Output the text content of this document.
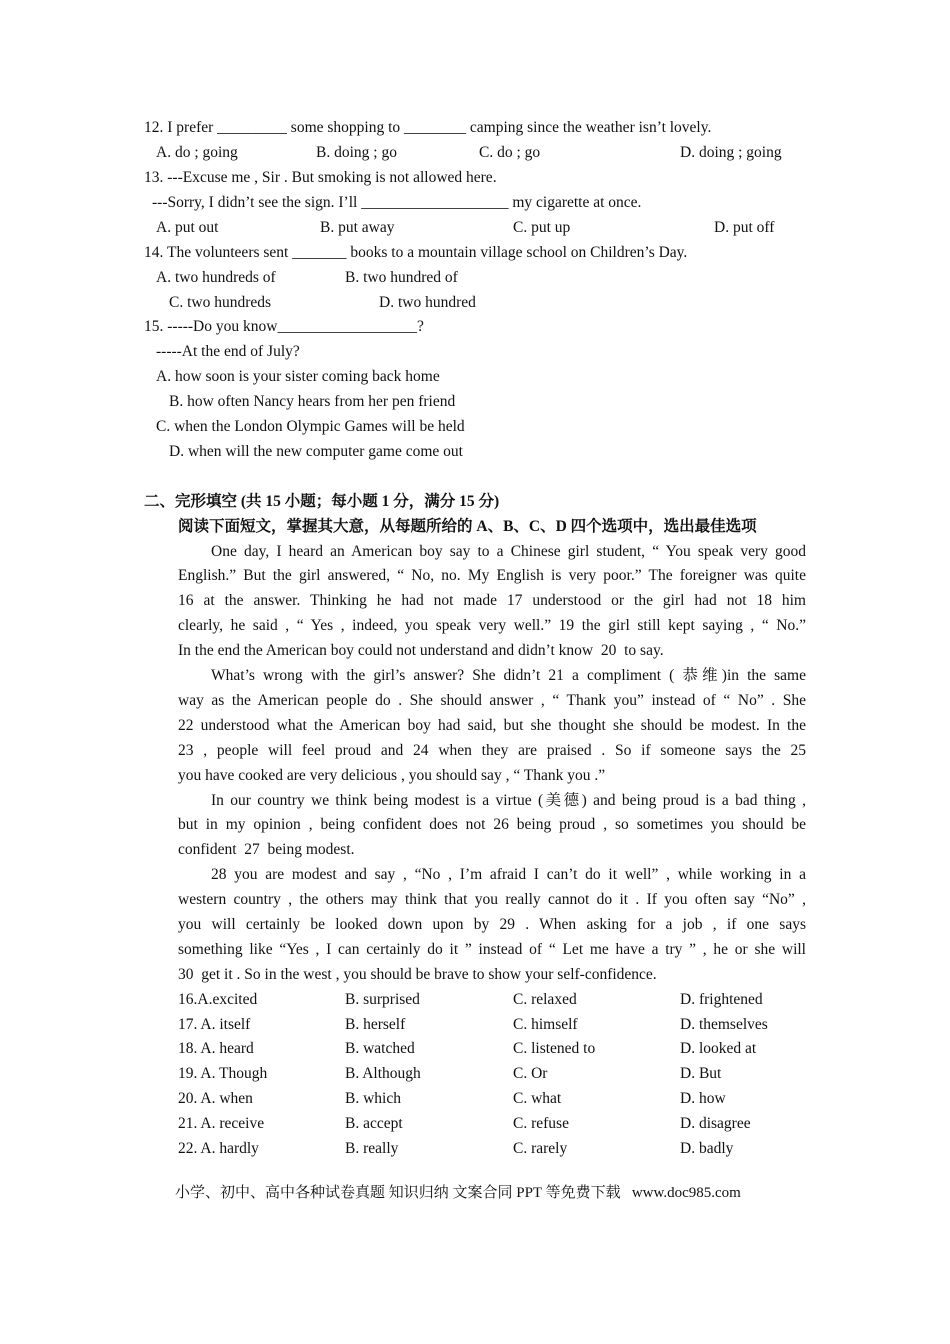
12. I prefer _________ some shopping to ________ camping since the weather isn’t lovely.
A. do ; going	B. doing ; go	C. do ; go	D. doing ; going
13. ---Excuse me , Sir . But smoking is not allowed here.
---Sorry, I didn’t see the sign. I’ll ___________________ my cigarette at once.
A. put out	B. put away	C. put up	D. put off
14. The volunteers sent _______ books to a mountain village school on Children’s Day.
A. two hundreds of	B. two hundred of
C. two hundreds	D. two hundred
15. -----Do you know__________________?
-----At the end of July?
A. how soon is your sister coming back home
B. how often Nancy hears from her pen friend
C. when the London Olympic Games will be held
D. when will the new computer game come out
二、完形填空 (共 15 小题；每小题 1 分，满分 15 分)
阅读下面短文，掌握其大意，从每题所给的 A、B、C、D 四个选项中，选出最佳选项
One day, I heard an American boy say to a Chinese girl student, “ You speak very good
English.” But the girl answered, “ No, no. My English is very poor.” The foreigner was quite
16 at the answer. Thinking he had not made 17 understood or the girl had not 18 him
clearly, he said , “ Yes , indeed, you speak very well.” 19 the girl still kept saying , “ No.”
In the end the American boy could not understand and didn’t know  20  to say.
What’s wrong with the girl’s answer? She didn’t 21 a compliment ( 恭维)in the same
way as the American people do . She should answer , “ Thank you” instead of “ No” . She
22 understood what the American boy had said, but she thought she should be modest. In the
23 , people will feel proud and 24 when they are praised . So if someone says the 25
you have cooked are very delicious , you should say , “ Thank you .”
In our country we think being modest is a virtue (美德) and being proud is a bad thing ,
but in my opinion , being confident does not 26 being proud , so sometimes you should be
confident  27  being modest.
28 you are modest and say , “No , I’m afraid I can’t do it well” , while working in a
western country , the others may think that you really cannot do it . If you often say “No” ,
you will certainly be looked down upon by 29 . When asking for a job , if one says
something like “Yes , I can certainly do it ” instead of “ Let me have a try ” , he or she will
30  get it . So in the west , you should be brave to show your self-confidence.
16.A.excited	B. surprised	C. relaxed	D. frightened
17. A. itself	B. herself	C. himself	D. themselves
18. A. heard	B. watched	C. listened to	D. looked at
19. A. Though	B. Although	C. Or	D. But
20. A. when	B. which	C. what	D. how
21. A. receive	B. accept	C. refuse	D. disagree
22. A. hardly	B. really	C. rarely	D. badly
小学、初中、高中各种试卷真题 知识归纳 文案合同 PPT 等免费下载   www.doc985.com
